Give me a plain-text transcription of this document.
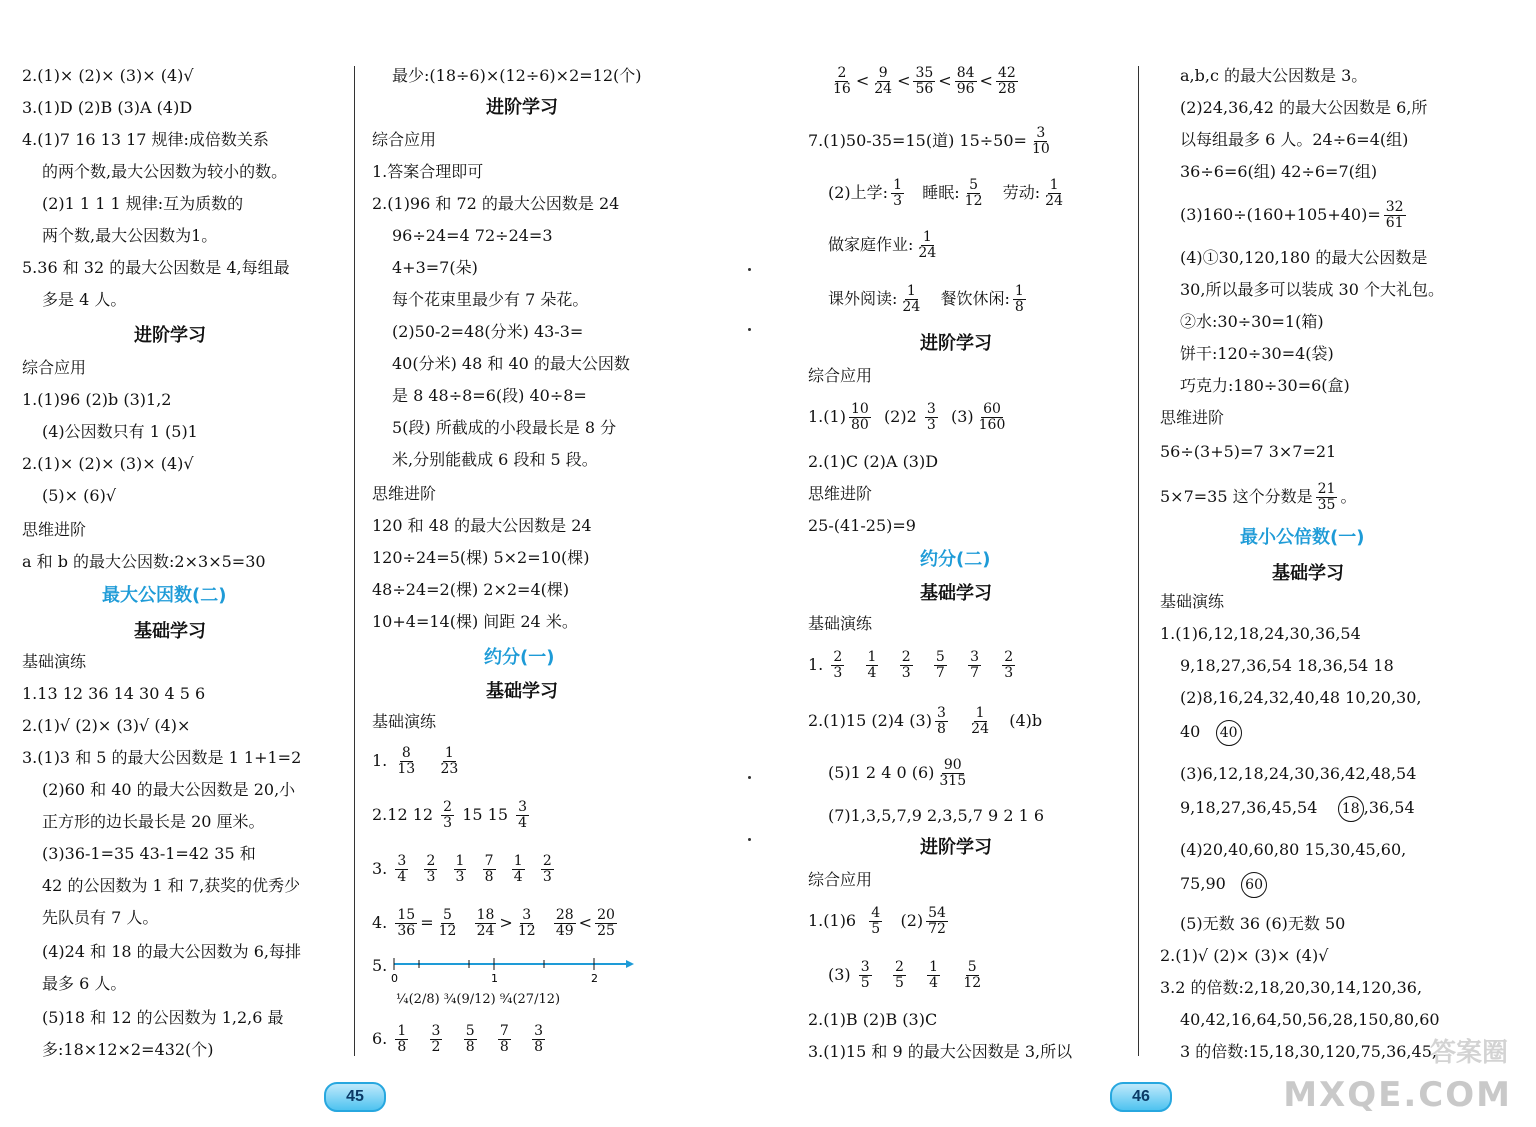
2.(1)× (2)× (3)× (4)√
3.(1)D (2)B (3)A (4)D
4.(1)7 16 13 17 规律:成倍数关系
的两个数,最大公因数为较小的数。
(2)1 1 1 1 规律:互为质数的
两个数,最大公因数为1。
5.36 和 32 的最大公因数是 4,每组最
多是 4 人。
进阶学习
综合应用
1.(1)96 (2)b (3)1,2
(4)公因数只有 1 (5)1
2.(1)× (2)× (3)× (4)√
(5)× (6)√
思维进阶
a 和 b 的最大公因数:2×3×5=30
最大公因数(二)
基础学习
基础演练
1.13 12 36 14 30 4 5 6
2.(1)√ (2)× (3)√ (4)×
3.(1)3 和 5 的最大公因数是 1 1+1=2
(2)60 和 40 的最大公因数是 20,小
正方形的边长最长是 20 厘米。
(3)36-1=35 43-1=42 35 和
42 的公因数为 1 和 7,获奖的优秀少
先队员有 7 人。
(4)24 和 18 的最大公因数为 6,每排
最多 6 人。
(5)18 和 12 的公因数为 1,2,6 最
多:18×12×2=432(个)
最少:(18÷6)×(12÷6)×2=12(个)
进阶学习
综合应用
1.答案合理即可
2.(1)96 和 72 的最大公因数是 24
96÷24=4 72÷24=3
4+3=7(朵)
每个花束里最少有 7 朵花。
(2)50-2=48(分米) 43-3=
40(分米) 48 和 40 的最大公因数
是 8 48÷8=6(段) 40÷8=
5(段) 所截成的小段最长是 8 分
米,分别能截成 6 段和 5 段。
思维进阶
120 和 48 的最大公因数是 24
120÷24=5(棵) 5×2=10(棵)
48÷24=2(棵) 2×2=4(棵)
10+4=14(棵) 间距 24 米。
约分(一)
基础学习
基础演练
1. $\frac{8}{13}$
$\frac{1}{23}$
2.12 $12 \frac{2}{3} 15$ $15 \frac{3}{4}$
3. $\frac{3}{4}$
$\frac{2}{3}$
$\frac{1}{3}$
$\frac{7}{8}$
$\frac{1}{4}$
$\frac{2}{3}$
4. $\frac{15}{36} = \frac{5}{12}$
$\frac{18}{24} > \frac{3}{12}$
$\frac{28}{49} < \frac{20}{25}$
5.
0	1	2
¼(2/8) ¾(9/12) ⁹⁄₄(27/12)
6. $\frac{1}{8}$
$\frac{3}{2}$
$\frac{5}{8}$
$\frac{7}{8}$
$\frac{3}{8}$
$\frac{2}{16} < \frac{9}{24} < \frac{35}{56} < \frac{84}{96} < \frac{42}{28}$
7.(1)50-35=15(道) $15\div 50= \frac{3}{10}$
(2)上学: $\frac{1}{3}$ 睡眠: $\frac{5}{12}$ 劳动: $\frac{1}{24}$
做家庭作业: $\frac{1}{24}$
课外阅读: $\frac{1}{24}$ 餐饮休闲: $\frac{1}{8}$
进阶学习
综合应用
$1.(1) \frac{10}{80} (2)2 \frac{3}{3} (3) \frac{60}{160}$
2.(1)C (2)A (3)D
思维进阶
25-(41-25)=9
约分(二)
基础学习
基础演练
1. $\frac{2}{3}$
$\frac{1}{4}$
$\frac{2}{3}$
$\frac{5}{7}$
$\frac{3}{7}$
$\frac{2}{3}$
2.(1)15 (2)4 $(3) \frac{3}{8}$
$\frac{1}{24} (4)b$
(5)1 2 4 0 $(6) \frac{90}{315}$
(7)1,3,5,7,9 2,3,5,7 9 2 1 6
进阶学习
综合应用
$1.(1)6 \frac{4}{5} (2) \frac{54}{72}$
$(3) \frac{3}{5}$
$\frac{2}{5}$
$\frac{1}{4}$
$\frac{5}{12}$
2.(1)B (2)B (3)C
3.(1)15 和 9 的最大公因数是 3,所以
a,b,c 的最大公因数是 3。
(2)24,36,42 的最大公因数是 6,所
以每组最多 6 人。24÷6=4(组)
36÷6=6(组) 42÷6=7(组)
$(3)160\div(160+105+40)= \frac{32}{61}$
(4)①30,120,180 的最大公因数是
30,所以最多可以装成 30 个大礼包。
②水:30÷30=1(箱)
饼干:120÷30=4(袋)
巧克力:180÷30=6(盒)
思维进阶
56÷(3+5)=7 3×7=21
5×7=35 这个分数是 $\frac{21}{35}$ 。
最小公倍数(一)
基础学习
基础演练
1.(1)6,12,18,24,30,36,54
9,18,27,36,54 18,36,54 18
(2)8,16,24,32,40,48 10,20,30,
40 40
(3)6,12,18,24,30,36,42,48,54
9,18,27,36,45,54 18 ,36,54
(4)20,40,60,80 15,30,45,60,
75,90 60
(5)无数 36 (6)无数 50
2.(1)√ (2)× (3)× (4)√
3.2 的倍数:2,18,20,30,14,120,36,
40,42,16,64,50,56,28,150,80,60
3 的倍数:15,18,30,120,75,36,45,
45	46
答案圈
MXQE.COM
